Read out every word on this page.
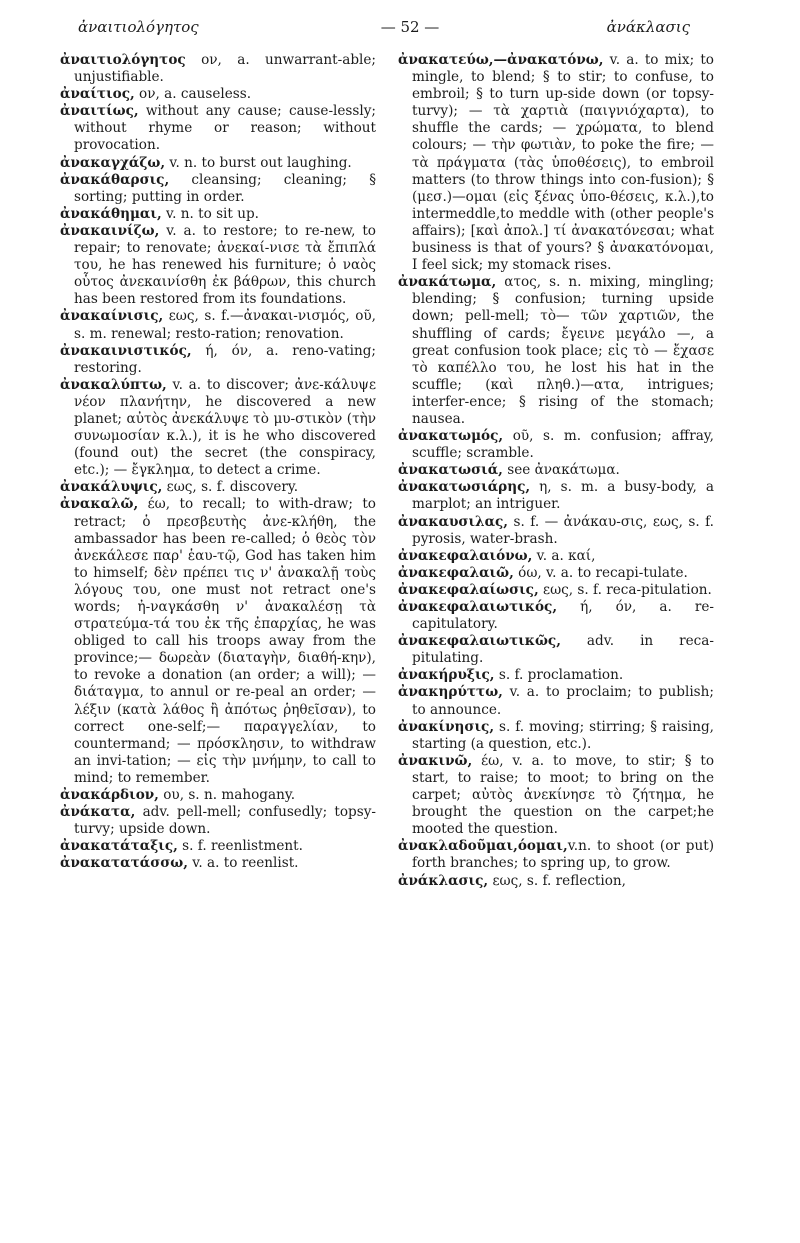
ἀναιτιολόγητος	— 52 —	ἀνάκλασις

ἀναιτιολόγητος ον, a. unwarrant-able; unjustifiable.

ἀναίτιος, ον, a. causeless.

ἀναιτίως, without any cause; cause-lessly; without rhyme or reason; without provocation.

ἀνακαγχάζω, v. n. to burst out laughing.

ἀνακάθαρσις, cleansing; cleaning; § sorting; putting in order.

ἀνακάθημαι, v. n. to sit up.

ἀνακαινίζω, v. a. to restore; to re-new, to repair; to renovate; ἀνεκαί-νισε τὰ ἔπιπλά του, he has renewed his furniture; ὁ ναὸς οὗτος ἀνεκαινίσθη ἐκ βάθρων, this church has been restored from its foundations.

ἀνακαίνισις, εως, s. f.—ἀνακαι-νισμός, οῦ, s. m. renewal; resto-ration; renovation.

ἀνακαινιστικός, ή, όν, a. reno-vating; restoring.

ἀνακαλύπτω, v. a. to discover; ἀνε-κάλυψε νέον πλανήτην, he discovered a new planet; αὐτὸς ἀνεκάλυψε τὸ μυ-στικὸν (τὴν συνωμοσίαν κ.λ.), it is he who discovered (found out) the secret (the conspiracy, etc.); — ἔγκλημα, to detect a crime.

ἀνακάλυψις, εως, s. f. discovery.

ἀνακαλῶ, έω, to recall; to with-draw; to retract; ὁ πρεσβευτὴς ἀνε-κλήθη, the ambassador has been re-called; ὁ θεὸς τὸν ἀνεκάλεσε παρ' ἑαυ-τῷ, God has taken him to himself; δὲν πρέπει τις ν' ἀνακαλῇ τοὺς λόγους του, one must not retract one's words; ἠ-ναγκάσθη ν' ἀνακαλέσῃ τὰ στρατεύμα-τά του ἐκ τῆς ἐπαρχίας, he was obliged to call his troops away from the province;— δωρεὰν (διαταγὴν, διαθή-κην), to revoke a donation (an order; a will); — διάταγμα, to annul or re-peal an order; — λέξιν (κατὰ λάθος ἢ ἀπότως ῥηθεῖσαν), to correct one-self;— παραγγελίαν, to countermand; — πρόσκλησιν, to withdraw an invi-tation; — εἰς τὴν μνήμην, to call to mind; to remember.

ἀνακάρδιον, ου, s. n. mahogany.

ἀνάκατα, adv. pell-mell; confusedly; topsy-turvy; upside down.

ἀνακατάταξις, s. f. reenlistment.

ἀνακατατάσσω, v. a. to reenlist.

ἀνακατεύω,—ἀνακατόνω, v. a. to mix; to mingle, to blend; § to stir; to confuse, to embroil; § to turn up-side down (or topsy-turvy); — τὰ χαρτιὰ (παιγνιόχαρτα), to shuffle the cards; — χρώματα, to blend colours; — τὴν φωτιὰν, to poke the fire; — τὰ πράγματα (τὰς ὑποθέσεις), to embroil matters (to throw things into con-fusion); § (μεσ.)—ομαι (εἰς ξένας ὑπο-θέσεις, κ.λ.),to intermeddle,to meddle with (other people's affairs); [καὶ ἀπολ.] τί ἀνακατόνεσαι; what business is that of yours? § ἀνακατόνομαι, I feel sick; my stomack rises.

ἀνακάτωμα, ατος, s. n. mixing, mingling; blending; § confusion; turning upside down; pell-mell; τὸ— τῶν χαρτιῶν, the shuffling of cards; ἔγεινε μεγάλο —, a great confusion took place; εἰς τὸ — ἔχασε τὸ καπέλλο του, he lost his hat in the scuffle; (καὶ πληθ.)—ατα, intrigues; interfer-ence; § rising of the stomach; nausea.

ἀνακατωμός, οῦ, s. m. confusion; affray, scuffle; scramble.

ἀνακατωσιά, see ἀνακάτωμα.

ἀνακατωσιάρης, η, s. m. a busy-body, a marplot; an intriguer.

ἀνακαυσιλας, s. f. — ἀνάκαυ-σις, εως, s. f. pyrosis, water-brash.

ἀνακεφαλαιόνω, v. a. καί,

ἀνακεφαλαιῶ, όω, v. a. to recapi-tulate.

ἀνακεφαλαίωσις, εως, s. f. reca-pitulation.

ἀνακεφαλαιωτικός, ή, όν, a. re-capitulatory.

ἀνακεφαλαιωτικῶς, adv. in reca-pitulating.

ἀνακήρυξις, s. f. proclamation.

ἀνακηρύττω, v. a. to proclaim; to publish; to announce.

ἀνακίνησις, s. f. moving; stirring; § raising, starting (a question, etc.).

ἀνακινῶ, έω, v. a. to move, to stir; § to start, to raise; to moot; to bring on the carpet; αὐτὸς ἀνεκίνησε τὸ ζήτημα, he brought the question on the carpet;he mooted the question.

ἀνακλαδοῦμαι,όομαι,v.n. to shoot (or put) forth branches; to spring up, to grow.

ἀνάκλασις, εως, s. f. reflection,
